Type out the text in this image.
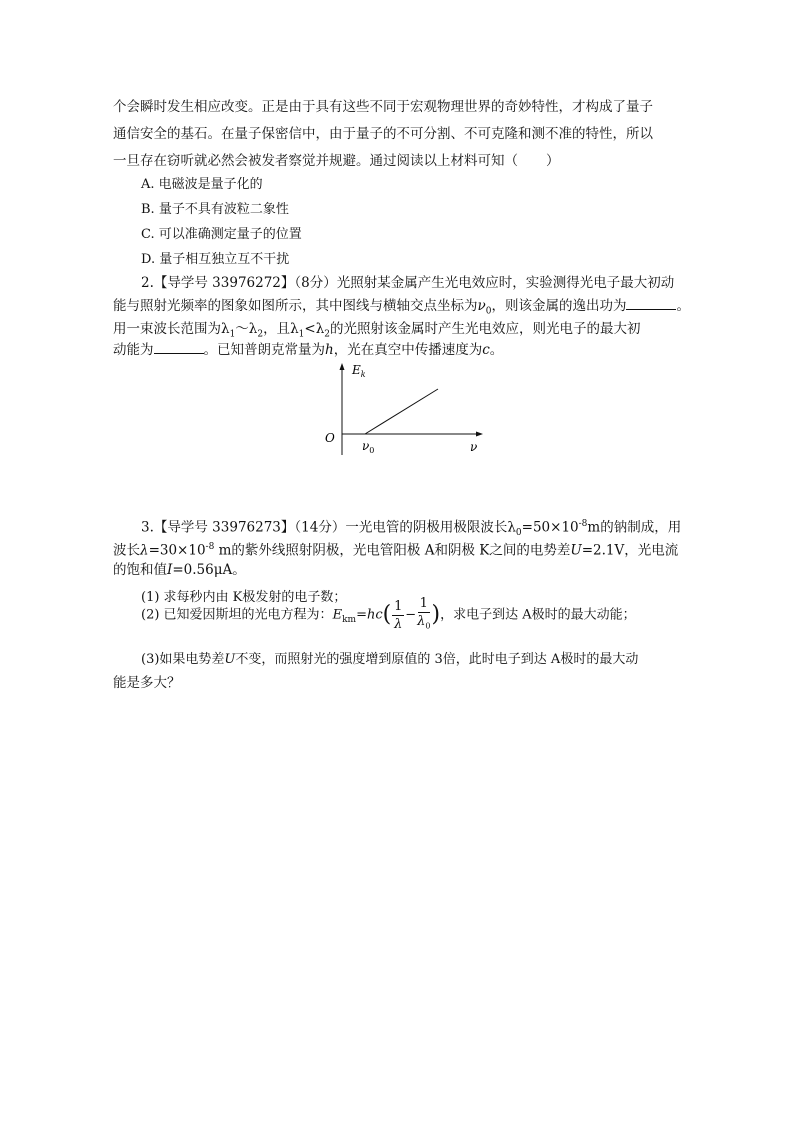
个会瞬时发生相应改变。正是由于具有这些不同于宏观物理世界的奇妙特性，才构成了量子
通信安全的基石。在量子保密信中，由于量子的不可分割、不可克隆和测不准的特性，所以
一旦存在窃听就必然会被发者察觉并规避。通过阅读以上材料可知（ ）
A. 电磁波是量子化的
B. 量子不具有波粒二象性
C. 可以准确测定量子的位置
D. 量子相互独立互不干扰
2.【导学号 33976272】（8分）光照射某金属产生光电效应时，实验测得光电子最大初动
能与照射光频率的图象如图所示，其中图线与横轴交点坐标为$\nu_0$，则该金属的逸出功为	。
用一束波长范围为$\lambda_1\sim\lambda_2$，且$\lambda_1<\lambda_2$的光照射该金属时产生光电效应，则光电子的最大初
动能为	。已知普朗克常量为h，光在真空中传播速度为c。
$E_k$
O
$\nu_0$	ν
3.【导学号 33976273】（14分）一光电管的阴极用极限波长$\lambda_0=50\times 10^{-8}m$的钠制成，用
波长$\lambda=30\times 10^{-8}$ m的紫外线照射阴极，光电管阳极 A和阴极 K之间的电势差U=2.1V，光电流
的饱和值I=0.56μA。
(1) 求每秒内由 K极发射的电子数；
(2) 已知爱因斯坦的光电方程为：$E_{km}=hc( \frac{1}{\lambda} - \frac{1}{\lambda_0}$ )，求电子到达 A极时的最大动能；
(3)如果电势差U不变，而照射光的强度增到原值的 3倍，此时电子到达 A极时的最大动
能是多大？
